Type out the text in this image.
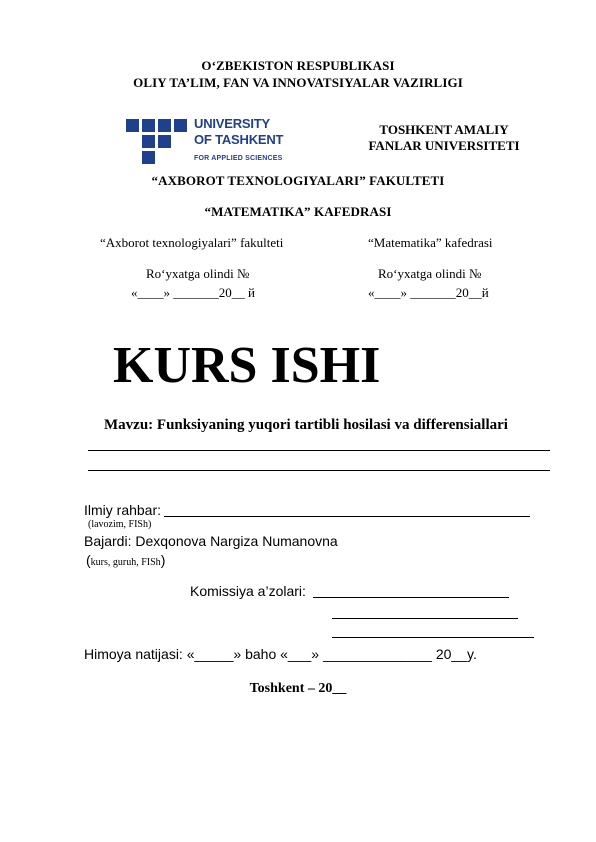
O‘ZBEKISTON RESPUBLIKASI
OLIY TA’LIM, FAN VA INNOVATSIYALAR VAZIRLIGI
UNIVERSITY
OF TASHKENT
FOR APPLIED SCIENCES
TOSHKENT AMALIY
FANLAR UNIVERSITETI
“AXBOROT TEXNOLOGIYALARI” FAKULTETI
“MATEMATIKA” KAFEDRASI
“Axborot texnologiyalari” fakulteti
Ro‘yxatga olindi №
«____» _______20__ й
“Matematika” kafedrasi
Ro‘yxatga olindi №
«____» _______20__й
KURS ISHI
Mavzu: Funksiyaning yuqori tartibli hosilasi va differensiallari
Ilmiy rahbar:
(lavozim, FISh)
Bajardi: Dexqonova Nargiza Numanovna
(kurs, guruh, FISh)
Komissiya a’zolari:
Himoya natijasi: «_____» baho «___» ______________ 20__y.
Toshkent – 20__
